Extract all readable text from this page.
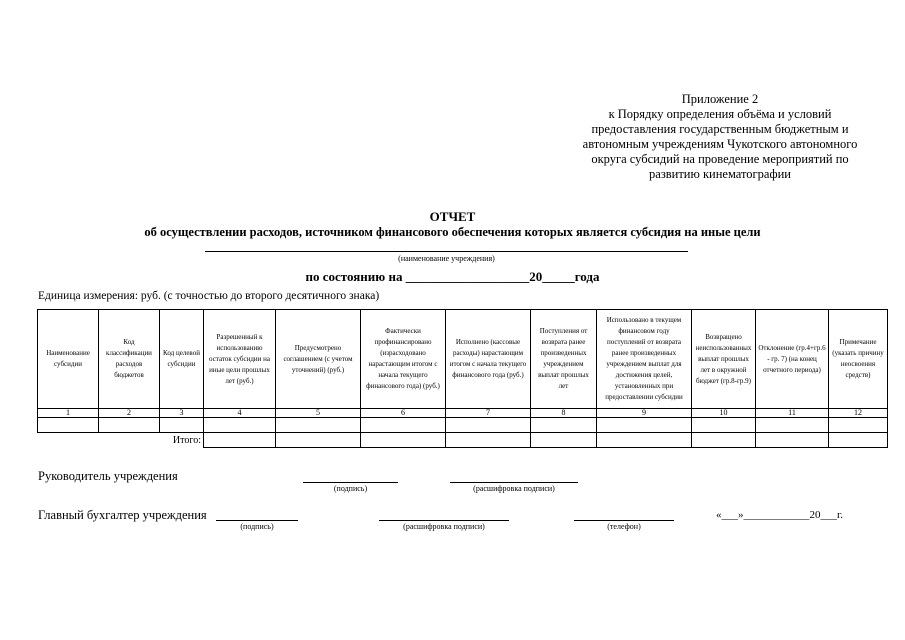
Приложение 2
к Порядку определения объёма и условий
предоставления государственным бюджетным и
автономным учреждениям Чукотского автономного
округа субсидий на проведение мероприятий по
развитию кинематографии
ОТЧЕТ
об осуществлении расходов, источником финансового обеспечения которых является субсидия на иные цели
(наименование учреждения)
по состоянию на ___________________20_____года
Единица измерения: руб. (с точностью до второго десятичного знака)
Наименование субсидии	Код классификации расходов бюджетов	Код целевой субсидии	Разрешенный к использованию остаток субсидии на иные цели прошлых лет (руб.)	Предусмотрено соглашением (с учетом уточнений) (руб.)	Фактически профинансировано (израсходовано нарастающим итогом с начала текущего финансового года) (руб.)	Исполнено (кассовые расходы) нарастающим итогом с начала текущего финансового года (руб.)	Поступления от возврата ранее произведенных учреждением выплат прошлых лет	Использовано в текущем финансовом году поступлений от возврата ранее произведенных учреждением выплат для достижения целей, установленных при предоставлении субсидии	Возвращено неиспользованных выплат прошлых лет в окружной бюджет (гр.8-гр.9)	Отклонение (гр.4+гр.6 - гр. 7) (на конец отчетного периода)	Примечание (указать причину неосвоения средств)
1	2	3	4	5	6	7	8	9	10	11	12

Итого:											
Руководитель учреждения
(подпись)	(расшифровка подписи)
Главный бухгалтер учреждения
(подпись)	(расшифровка подписи)	(телефон)
«___»____________20___г.
